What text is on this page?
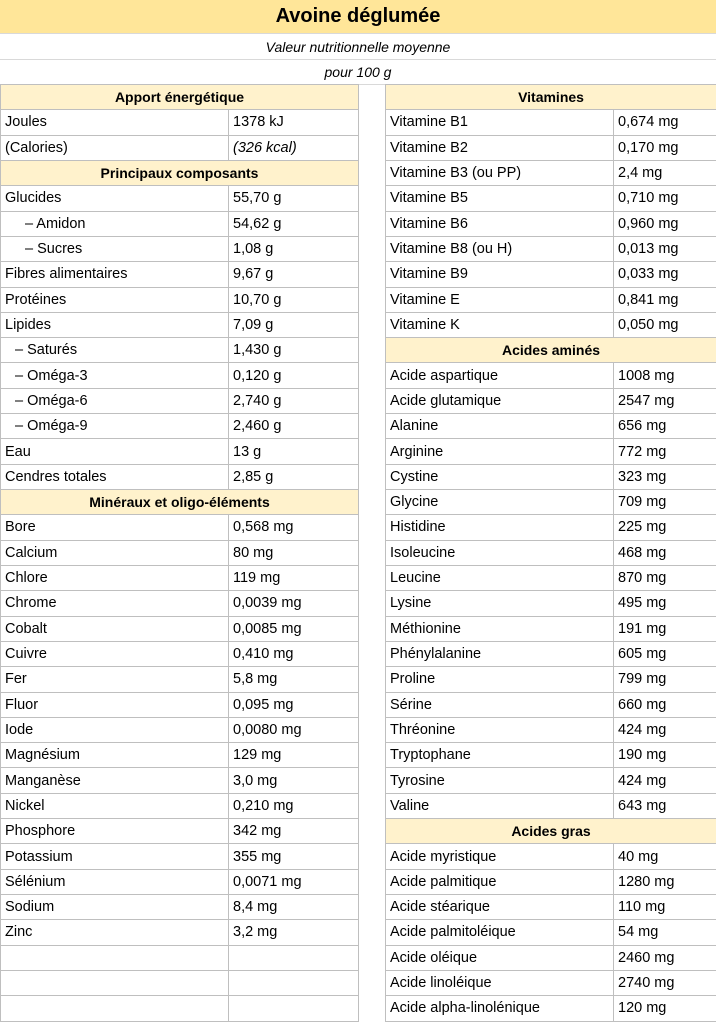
Avoine déglumée
Valeur nutritionnelle moyenne
pour 100 g
Apport énergétique	
Joules	1378 kJ
(Calories)	(326 kcal)
Principaux composants	
Glucides	55,70 g
– Amidon	54,62 g
– Sucres	1,08 g
Fibres alimentaires	9,67 g
Protéines	10,70 g
Lipides	7,09 g
– Saturés	1,430 g
– Oméga-3	0,120 g
– Oméga-6	2,740 g
– Oméga-9	2,460 g
Eau	13 g
Cendres totales	2,85 g
Minéraux et oligo-éléments	
Bore	0,568 mg
Calcium	80 mg
Chlore	119 mg
Chrome	0,0039 mg
Cobalt	0,0085 mg
Cuivre	0,410 mg
Fer	5,8 mg
Fluor	0,095 mg
Iode	0,0080 mg
Magnésium	129 mg
Manganèse	3,0 mg
Nickel	0,210 mg
Phosphore	342 mg
Potassium	355 mg
Sélénium	0,0071 mg
Sodium	8,4 mg
Zinc	3,2 mg

Vitamines	
Vitamine B1	0,674 mg
Vitamine B2	0,170 mg
Vitamine B3 (ou PP)	2,4 mg
Vitamine B5	0,710 mg
Vitamine B6	0,960 mg
Vitamine B8 (ou H)	0,013 mg
Vitamine B9	0,033 mg
Vitamine E	0,841 mg
Vitamine K	0,050 mg
Acides aminés	
Acide aspartique	1008 mg
Acide glutamique	2547 mg
Alanine	656 mg
Arginine	772 mg
Cystine	323 mg
Glycine	709 mg
Histidine	225 mg
Isoleucine	468 mg
Leucine	870 mg
Lysine	495 mg
Méthionine	191 mg
Phénylalanine	605 mg
Proline	799 mg
Sérine	660 mg
Thréonine	424 mg
Tryptophane	190 mg
Tyrosine	424 mg
Valine	643 mg
Acides gras	
Acide myristique	40 mg
Acide palmitique	1280 mg
Acide stéarique	110 mg
Acide palmitoléique	54 mg
Acide oléique	2460 mg
Acide linoléique	2740 mg
Acide alpha-linolénique	120 mg
